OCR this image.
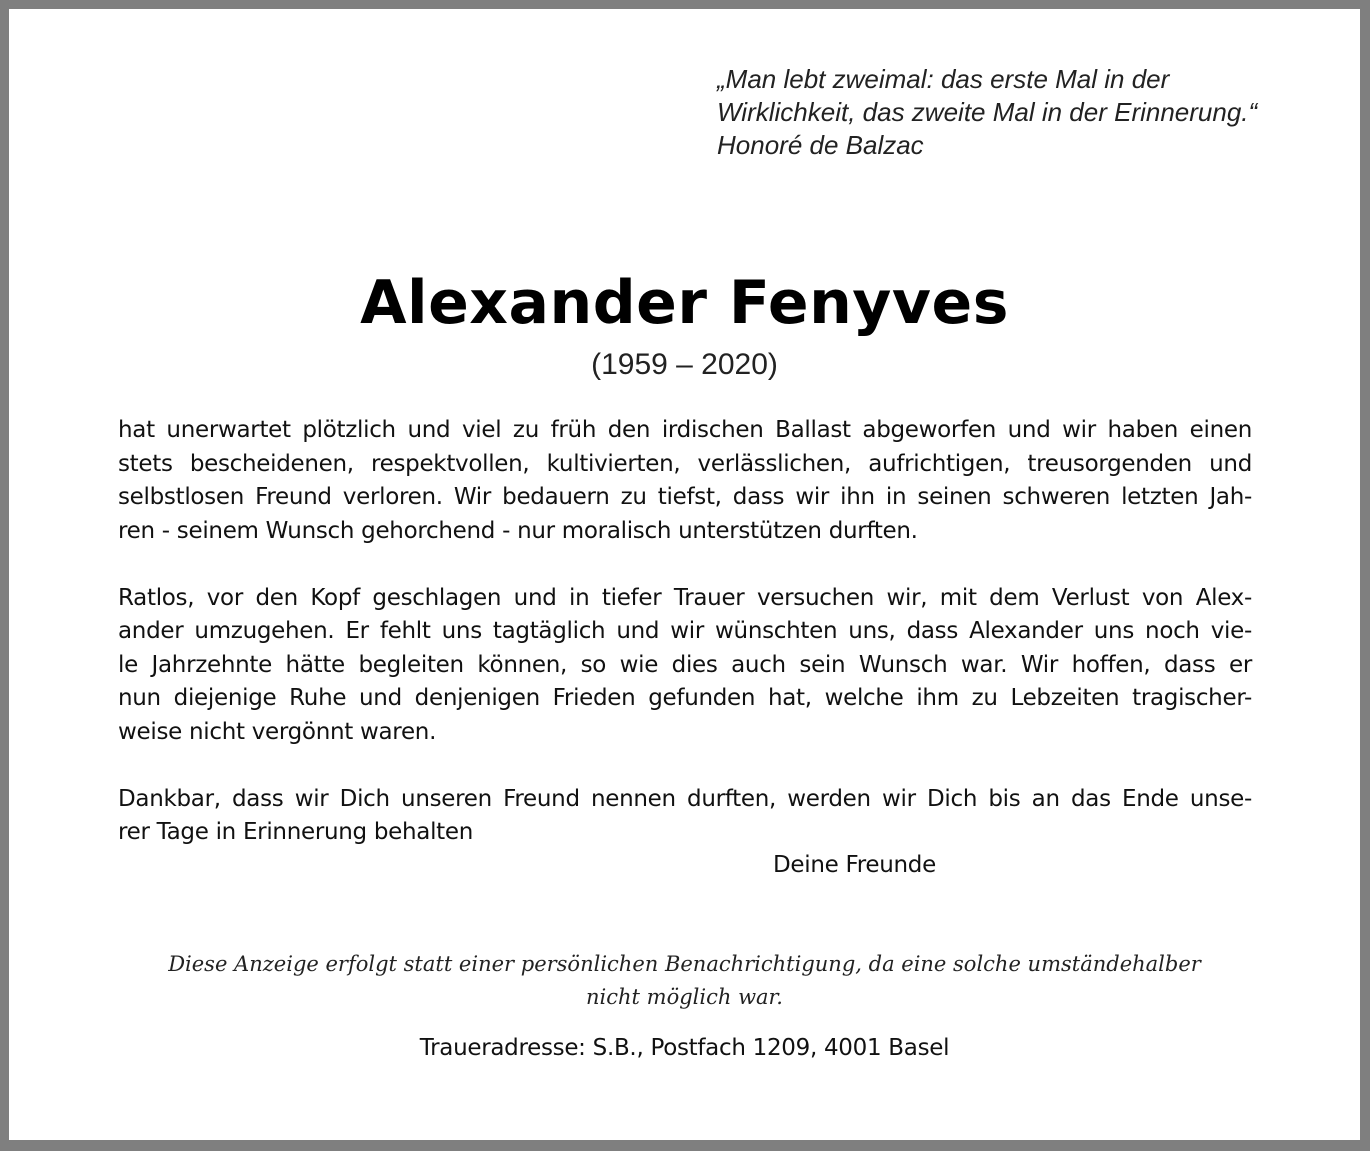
„Man lebt zweimal: das erste Mal in der
Wirklichkeit, das zweite Mal in der Erinnerung.“
Honoré de Balzac
Alexander Fenyves
(1959 – 2020)
hat unerwartet plötzlich und viel zu früh den irdischen Ballast abgeworfen und wir haben einen
stets bescheidenen, respektvollen, kultivierten, verlässlichen, aufrichtigen, treusorgenden und
selbstlosen Freund verloren. Wir bedauern zu tiefst, dass wir ihn in seinen schweren letzten Jah-
ren - seinem Wunsch gehorchend - nur moralisch unterstützen durften.
Ratlos, vor den Kopf geschlagen und in tiefer Trauer versuchen wir, mit dem Verlust von Alex-
ander umzugehen. Er fehlt uns tagtäglich und wir wünschten uns, dass Alexander uns noch vie-
le Jahrzehnte hätte begleiten können, so wie dies auch sein Wunsch war. Wir hoffen, dass er
nun diejenige Ruhe und denjenigen Frieden gefunden hat, welche ihm zu Lebzeiten tragischer-
weise nicht vergönnt waren.
Dankbar, dass wir Dich unseren Freund nennen durften, werden wir Dich bis an das Ende unse-
rer Tage in Erinnerung behalten
Deine Freunde
Diese Anzeige erfolgt statt einer persönlichen Benachrichtigung, da eine solche umständehalber
nicht möglich war.
Traueradresse: S.B., Postfach 1209, 4001 Basel
